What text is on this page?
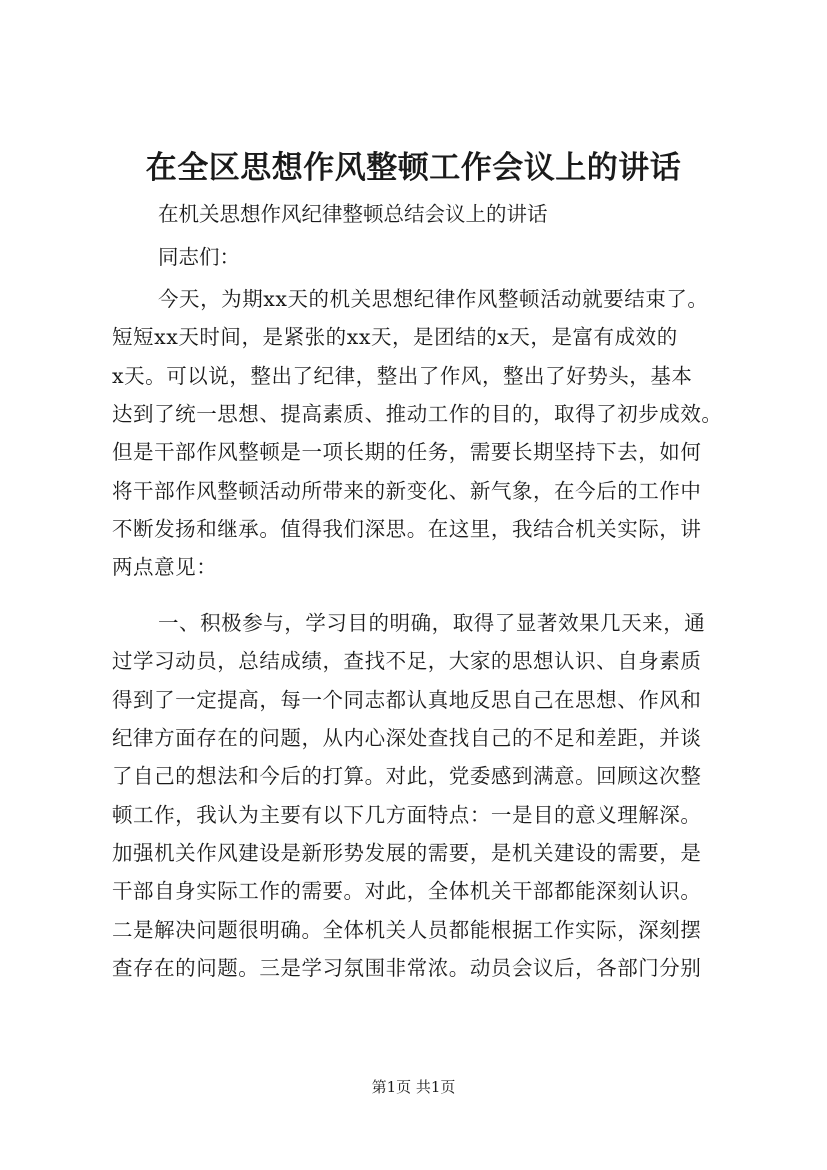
在全区思想作风整顿工作会议上的讲话

在机关思想作风纪律整顿总结会议上的讲话

同志们：

今天，为期xx天的机关思想纪律作风整顿活动就要结束了。
短短xx天时间，是紧张的xx天，是团结的x天，是富有成效的
x天。可以说，整出了纪律，整出了作风，整出了好势头，基本
达到了统一思想、提高素质、推动工作的目的，取得了初步成效。
但是干部作风整顿是一项长期的任务，需要长期坚持下去，如何
将干部作风整顿活动所带来的新变化、新气象，在今后的工作中
不断发扬和继承。值得我们深思。在这里，我结合机关实际，讲
两点意见：
一、积极参与，学习目的明确，取得了显著效果几天来，通
过学习动员，总结成绩，查找不足，大家的思想认识、自身素质
得到了一定提高，每一个同志都认真地反思自己在思想、作风和
纪律方面存在的问题，从内心深处查找自己的不足和差距，并谈
了自己的想法和今后的打算。对此，党委感到满意。回顾这次整
顿工作，我认为主要有以下几方面特点：一是目的意义理解深。
加强机关作风建设是新形势发展的需要，是机关建设的需要，是
干部自身实际工作的需要。对此，全体机关干部都能深刻认识。
二是解决问题很明确。全体机关人员都能根据工作实际，深刻摆
查存在的问题。三是学习氛围非常浓。动员会议后，各部门分别

第1页 共1页
